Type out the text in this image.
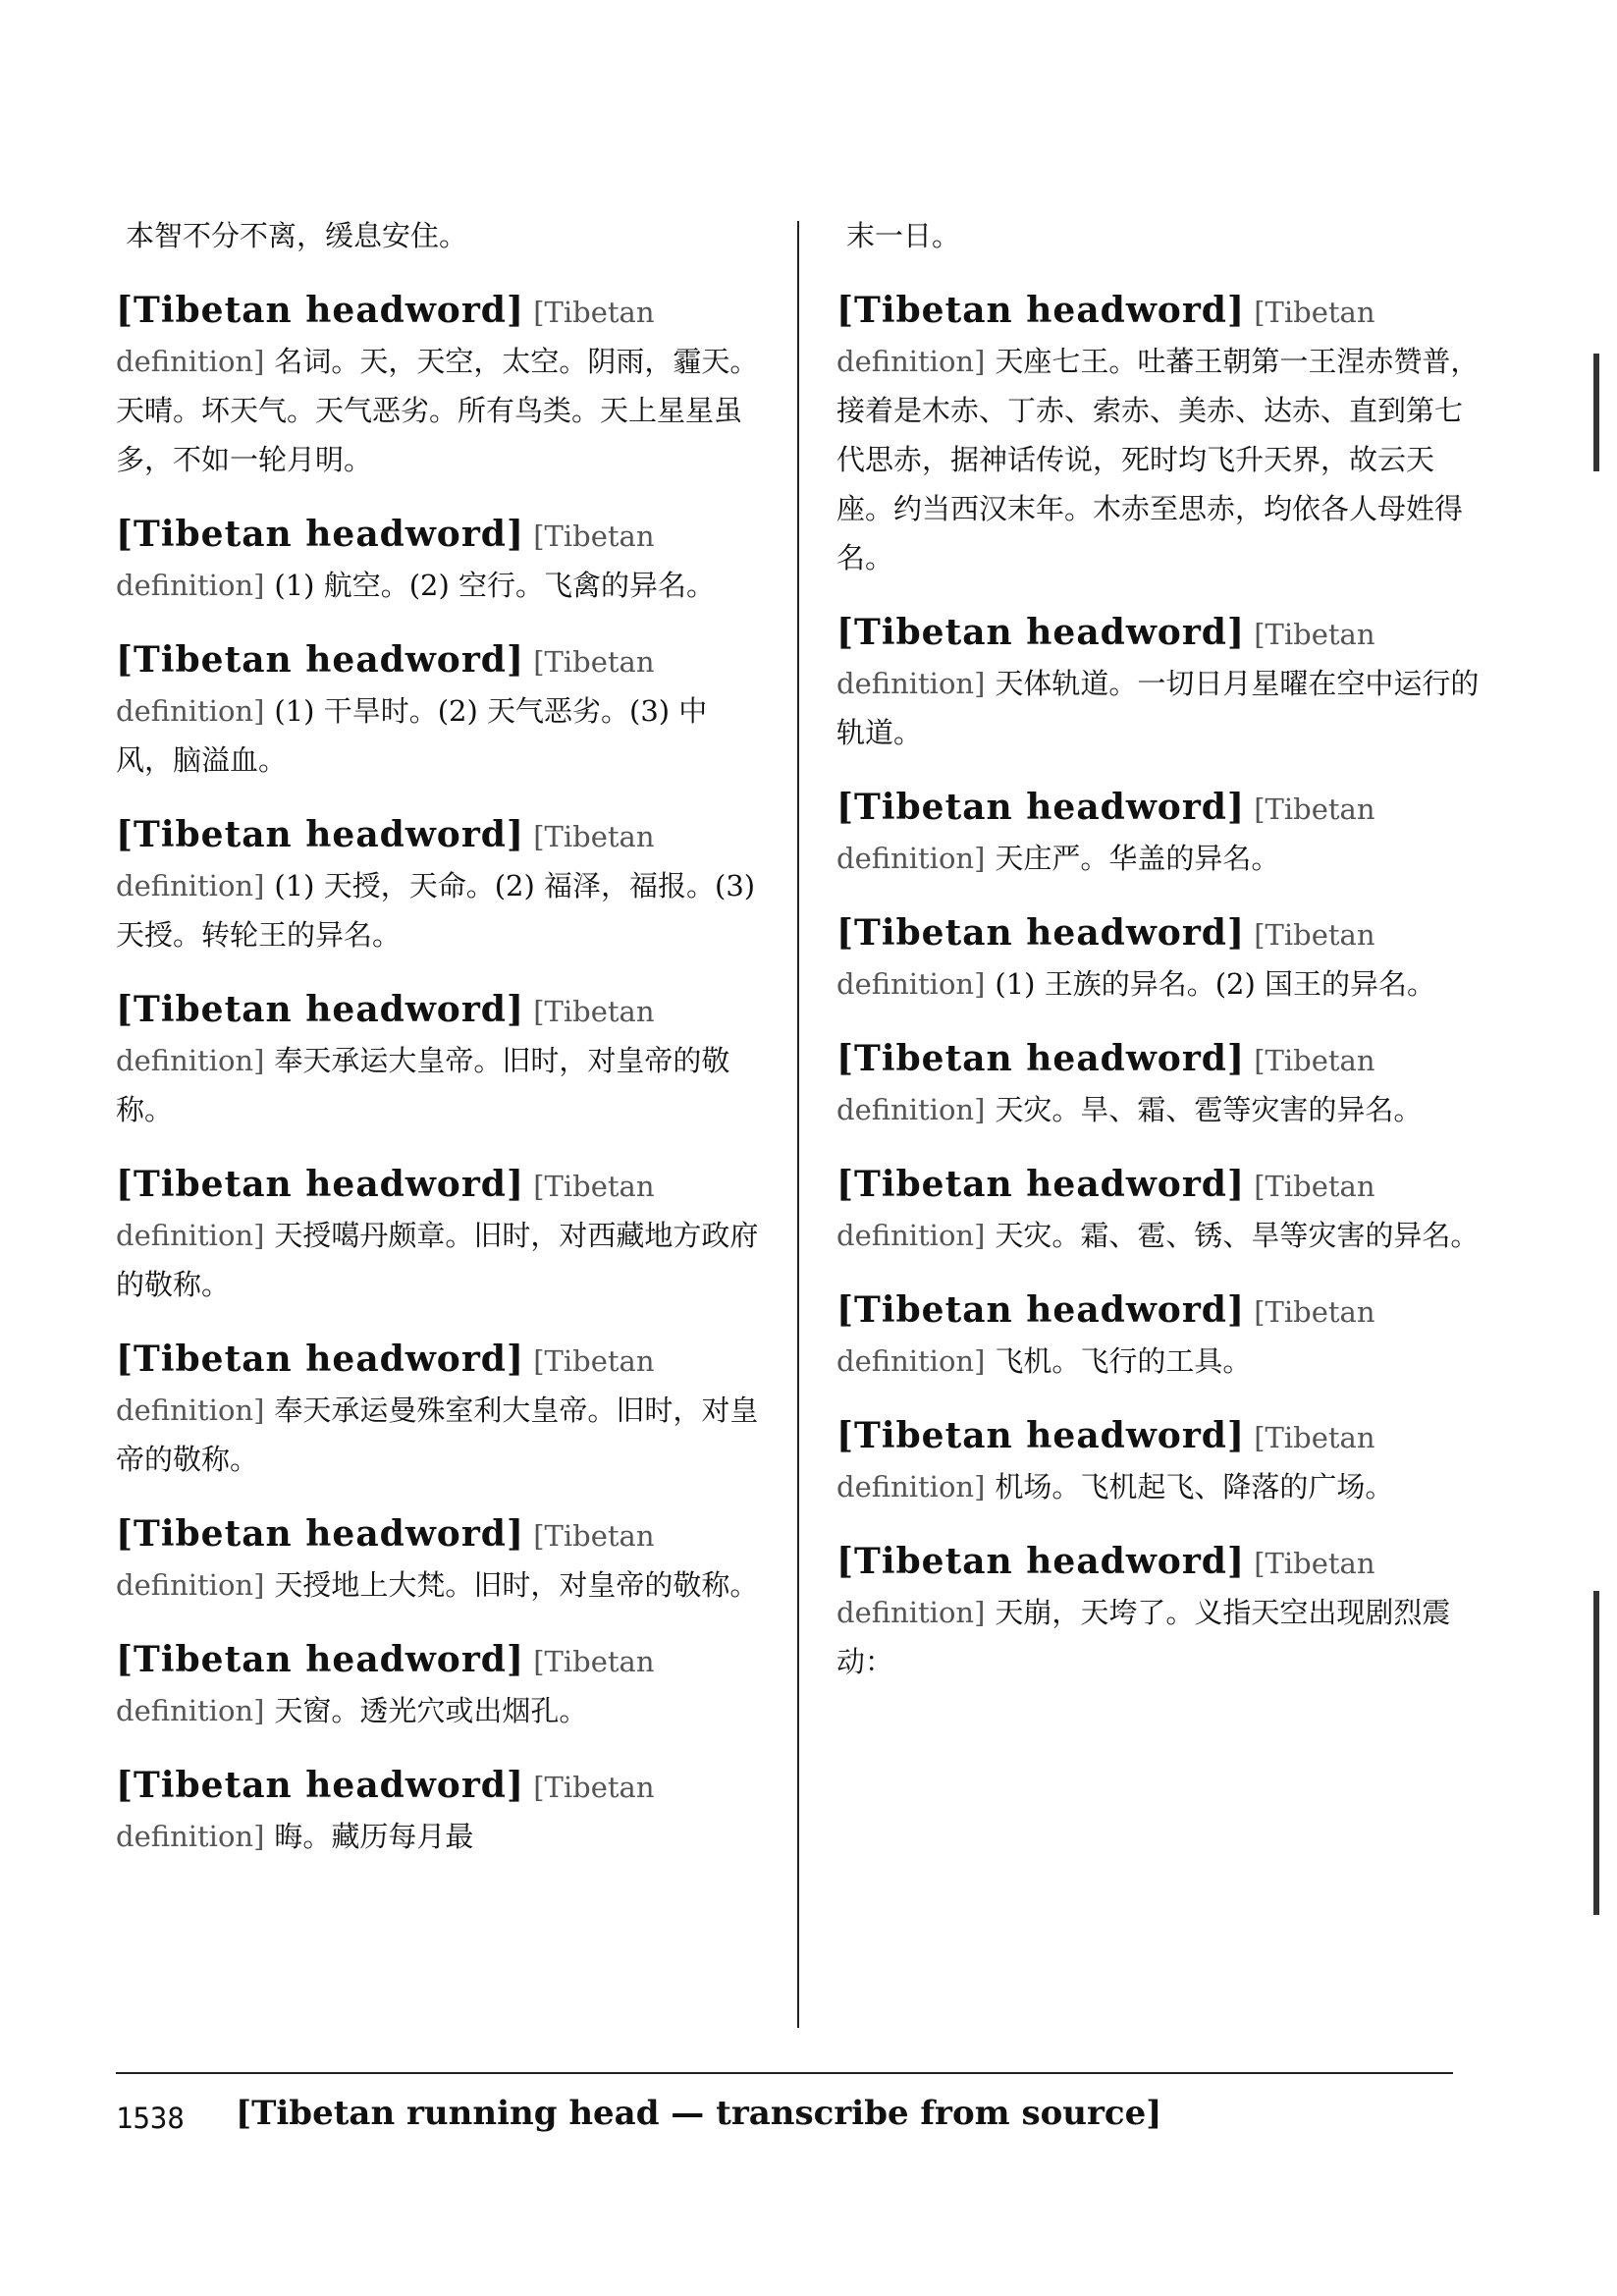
本智不分不离，缓息安住。
[Tibetan headword] [Tibetan definition] 名词。天，天空，太空。阴雨，霾天。天晴。坏天气。天气恶劣。所有鸟类。天上星星虽多，不如一轮月明。
[Tibetan headword] [Tibetan definition] (1) 航空。(2) 空行。飞禽的异名。
[Tibetan headword] [Tibetan definition] (1) 干旱时。(2) 天气恶劣。(3) 中风，脑溢血。
[Tibetan headword] [Tibetan definition] (1) 天授，天命。(2) 福泽，福报。(3) 天授。转轮王的异名。
[Tibetan headword] [Tibetan definition] 奉天承运大皇帝。旧时，对皇帝的敬称。
[Tibetan headword] [Tibetan definition] 天授噶丹颇章。旧时，对西藏地方政府的敬称。
[Tibetan headword] [Tibetan definition] 奉天承运曼殊室利大皇帝。旧时，对皇帝的敬称。
[Tibetan headword] [Tibetan definition] 天授地上大梵。旧时，对皇帝的敬称。
[Tibetan headword] [Tibetan definition] 天窗。透光穴或出烟孔。
[Tibetan headword] [Tibetan definition] 晦。藏历每月最
末一日。
[Tibetan headword] [Tibetan definition] 天座七王。吐蕃王朝第一王涅赤赞普，接着是木赤、丁赤、索赤、美赤、达赤、直到第七代思赤，据神话传说，死时均飞升天界，故云天座。约当西汉末年。木赤至思赤，均依各人母姓得名。
[Tibetan headword] [Tibetan definition] 天体轨道。一切日月星曜在空中运行的轨道。
[Tibetan headword] [Tibetan definition] 天庄严。华盖的异名。
[Tibetan headword] [Tibetan definition] (1) 王族的异名。(2) 国王的异名。
[Tibetan headword] [Tibetan definition] 天灾。旱、霜、雹等灾害的异名。
[Tibetan headword] [Tibetan definition] 天灾。霜、雹、锈、旱等灾害的异名。
[Tibetan headword] [Tibetan definition] 飞机。飞行的工具。
[Tibetan headword] [Tibetan definition] 机场。飞机起飞、降落的广场。
[Tibetan headword] [Tibetan definition] 天崩，天垮了。义指天空出现剧烈震动：
1538 [Tibetan running head — transcribe from source]
